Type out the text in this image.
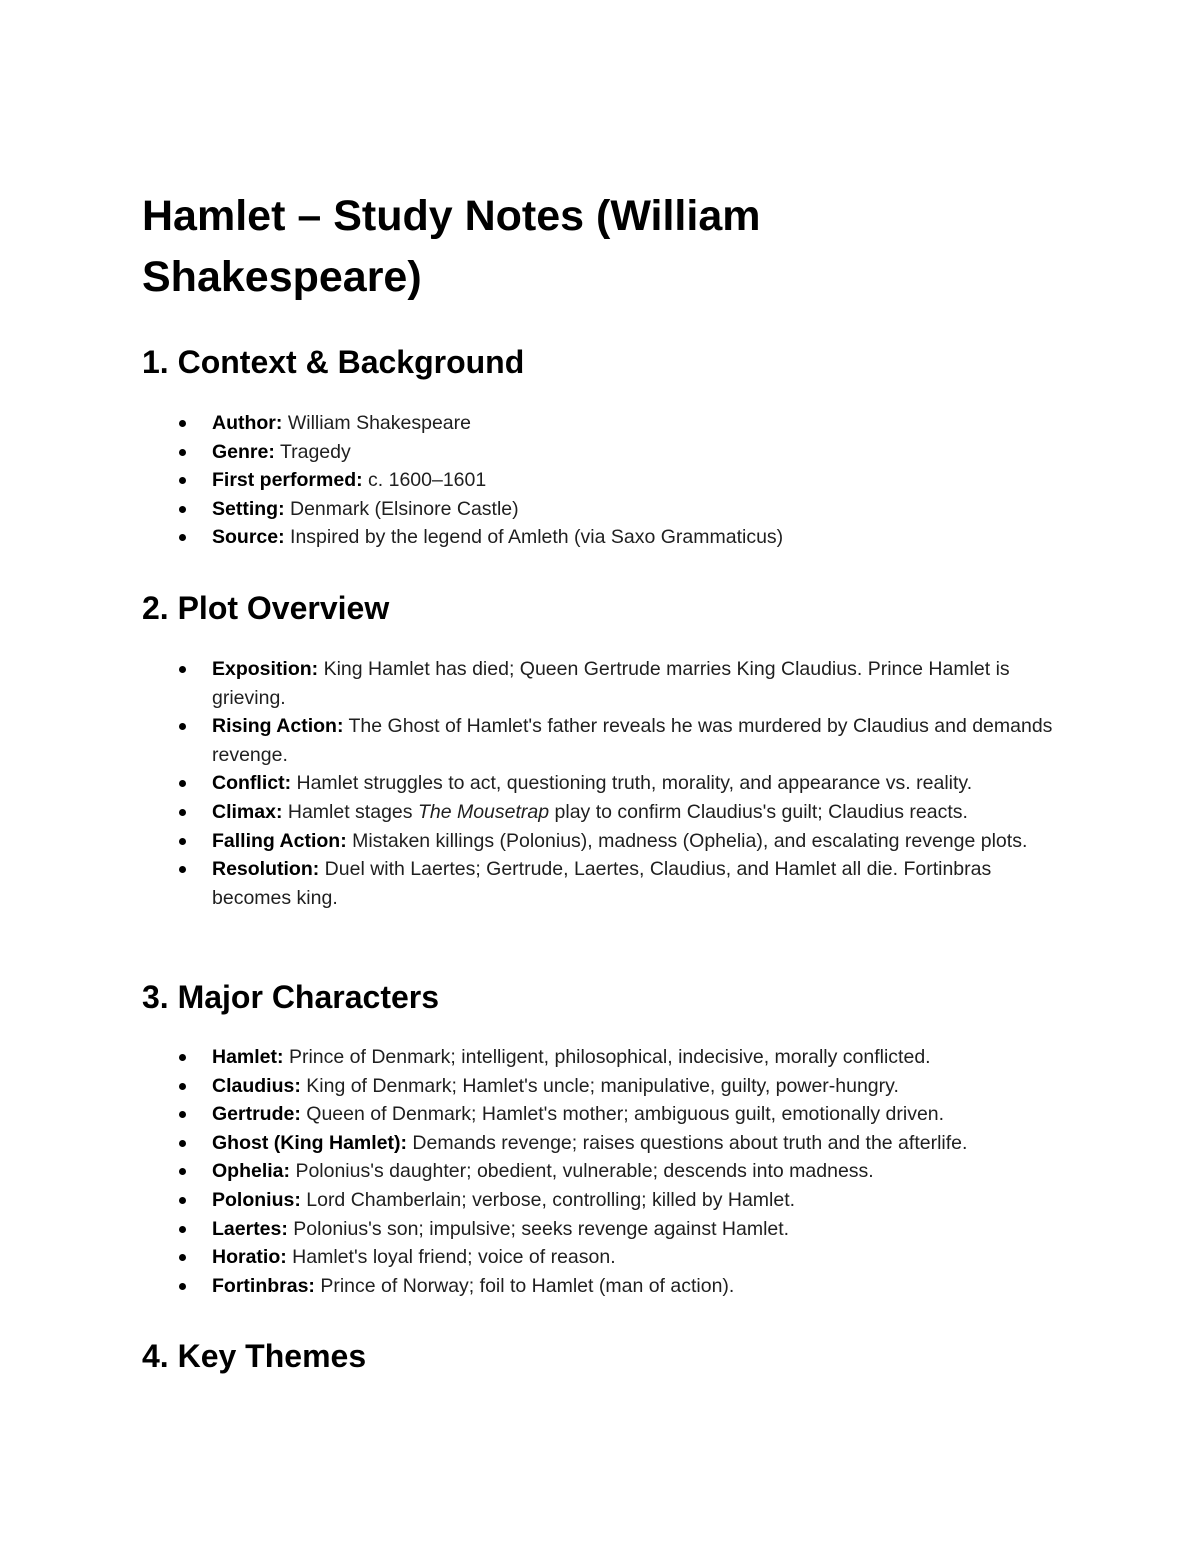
Hamlet – Study Notes (William Shakespeare)
1. Context & Background
Author: William Shakespeare
Genre: Tragedy
First performed: c. 1600–1601
Setting: Denmark (Elsinore Castle)
Source: Inspired by the legend of Amleth (via Saxo Grammaticus)
2. Plot Overview
Exposition: King Hamlet has died; Queen Gertrude marries King Claudius. Prince Hamlet is grieving.
Rising Action: The Ghost of Hamlet's father reveals he was murdered by Claudius and demands revenge.
Conflict: Hamlet struggles to act, questioning truth, morality, and appearance vs. reality.
Climax: Hamlet stages The Mousetrap play to confirm Claudius's guilt; Claudius reacts.
Falling Action: Mistaken killings (Polonius), madness (Ophelia), and escalating revenge plots.
Resolution: Duel with Laertes; Gertrude, Laertes, Claudius, and Hamlet all die. Fortinbras becomes king.
3. Major Characters
Hamlet: Prince of Denmark; intelligent, philosophical, indecisive, morally conflicted.
Claudius: King of Denmark; Hamlet's uncle; manipulative, guilty, power-hungry.
Gertrude: Queen of Denmark; Hamlet's mother; ambiguous guilt, emotionally driven.
Ghost (King Hamlet): Demands revenge; raises questions about truth and the afterlife.
Ophelia: Polonius's daughter; obedient, vulnerable; descends into madness.
Polonius: Lord Chamberlain; verbose, controlling; killed by Hamlet.
Laertes: Polonius's son; impulsive; seeks revenge against Hamlet.
Horatio: Hamlet's loyal friend; voice of reason.
Fortinbras: Prince of Norway; foil to Hamlet (man of action).
4. Key Themes
